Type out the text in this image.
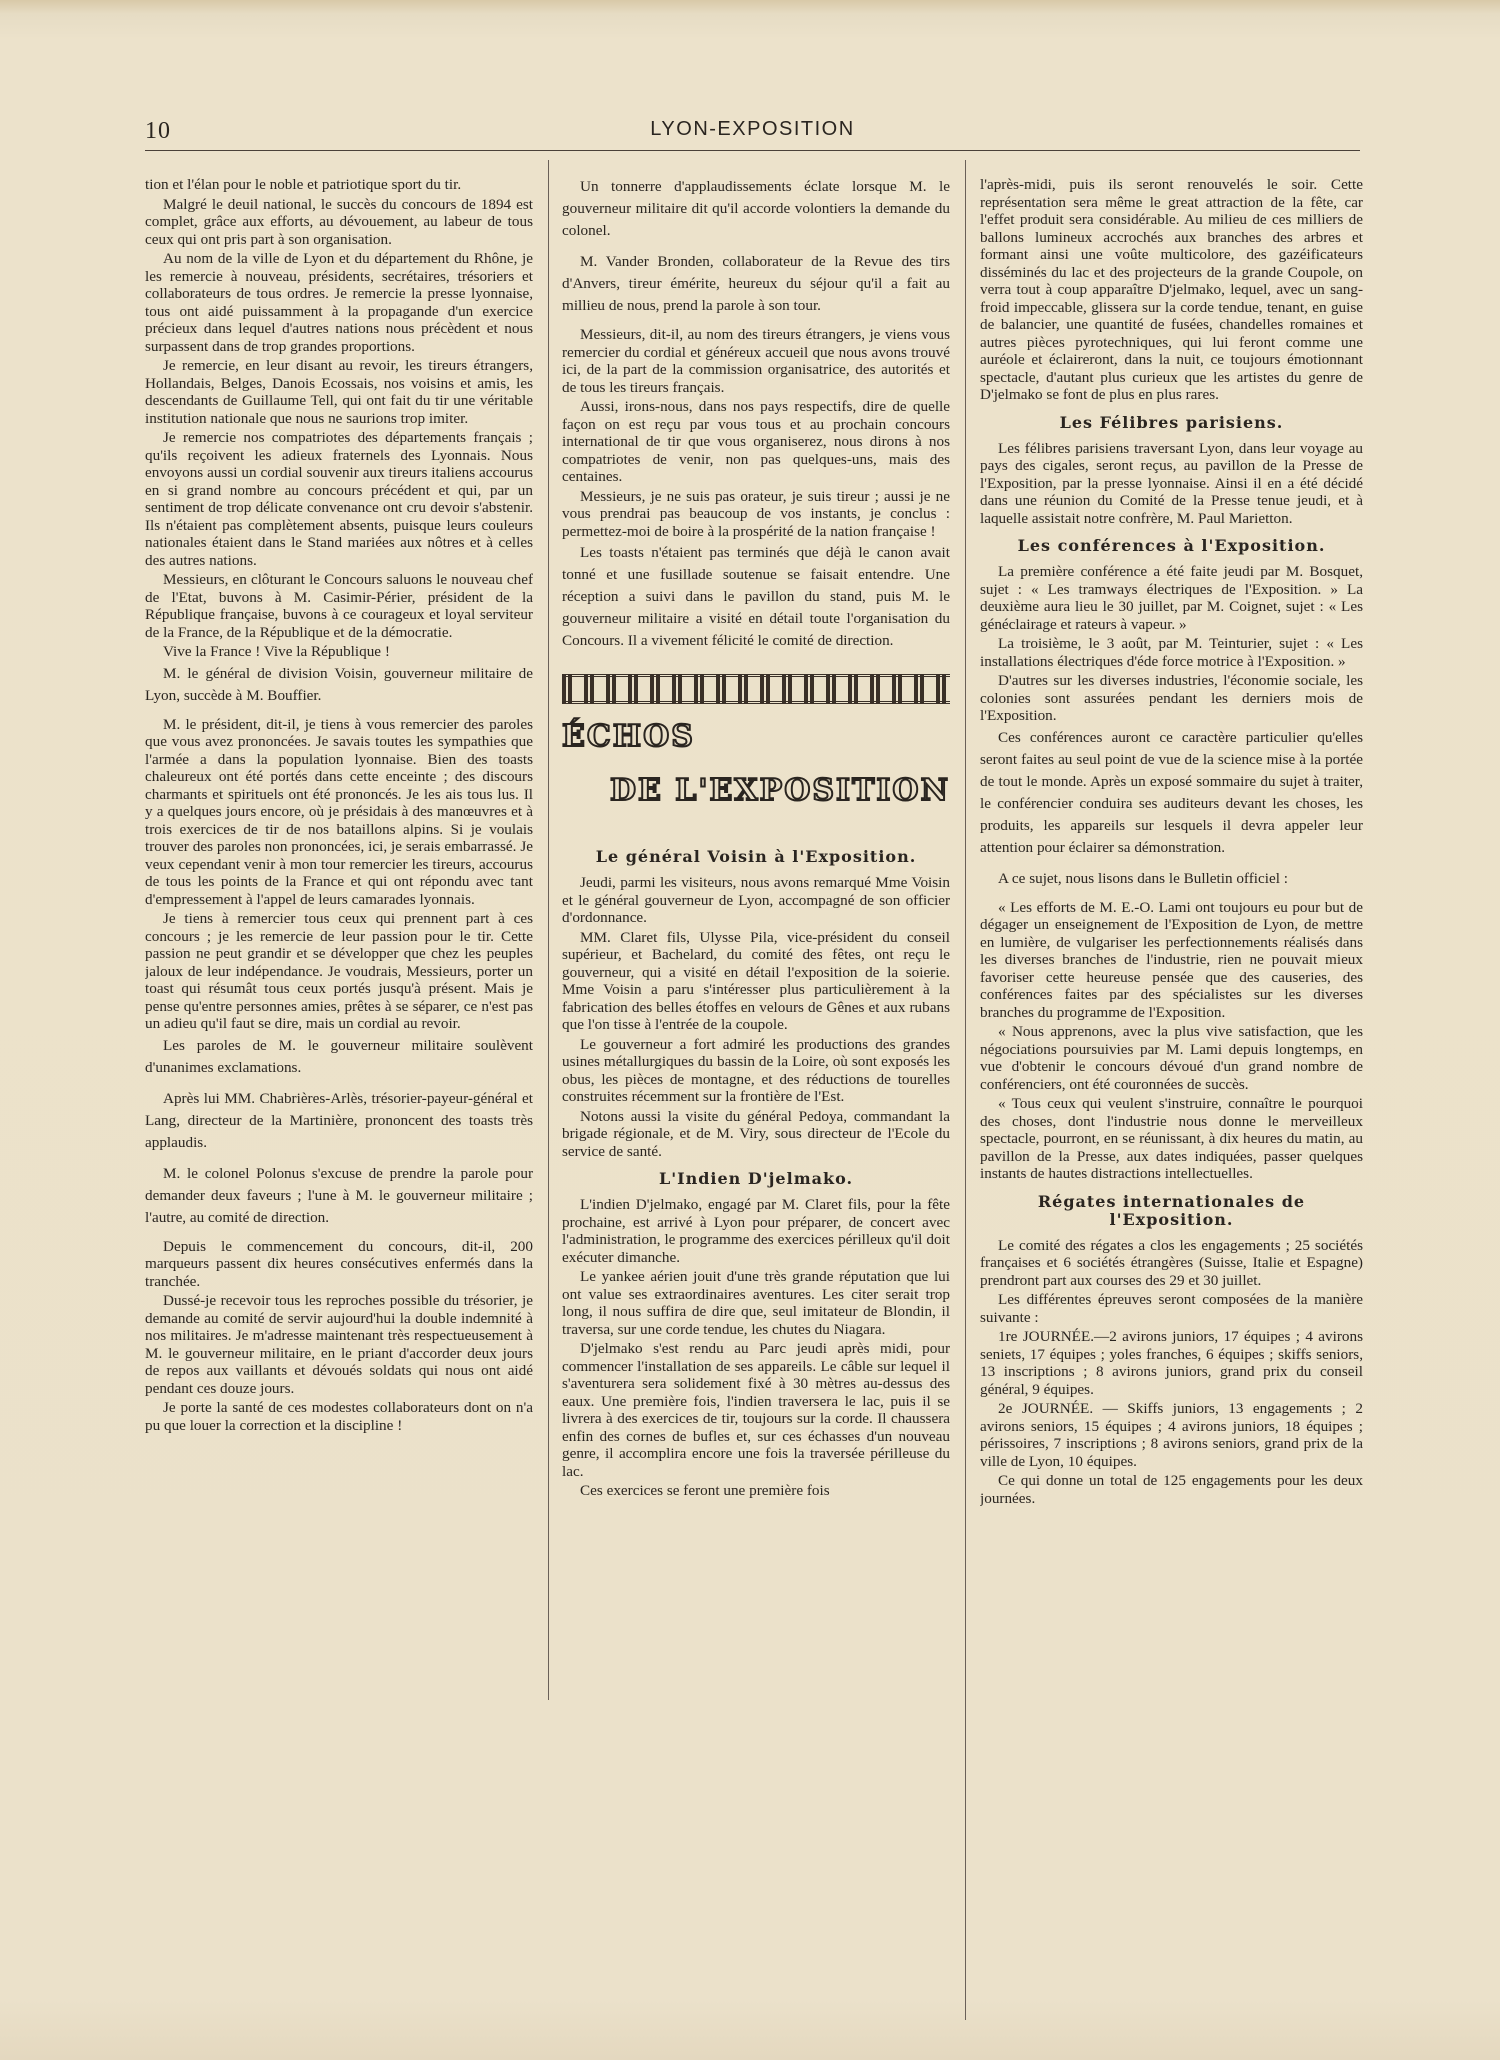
10	LYON-EXPOSITION

tion et l'élan pour le noble et patriotique sport du tir.

Malgré le deuil national, le succès du concours de 1894 est complet, grâce aux efforts, au dévouement, au labeur de tous ceux qui ont pris part à son organisation.

Au nom de la ville de Lyon et du département du Rhône, je les remercie à nouveau, présidents, secrétaires, trésoriers et collaborateurs de tous ordres. Je remercie la presse lyonnaise, tous ont aidé puissamment à la propagande d'un exercice précieux dans lequel d'autres nations nous précèdent et nous surpassent dans de trop grandes proportions.

Je remercie, en leur disant au revoir, les tireurs étrangers, Hollandais, Belges, Danois Ecossais, nos voisins et amis, les descendants de Guillaume Tell, qui ont fait du tir une véritable institution nationale que nous ne saurions trop imiter.

Je remercie nos compatriotes des départements français ; qu'ils reçoivent les adieux fraternels des Lyonnais. Nous envoyons aussi un cordial souvenir aux tireurs italiens accourus en si grand nombre au concours précédent et qui, par un sentiment de trop délicate convenance ont cru devoir s'abstenir. Ils n'étaient pas complètement absents, puisque leurs couleurs nationales étaient dans le Stand mariées aux nôtres et à celles des autres nations.

Messieurs, en clôturant le Concours saluons le nouveau chef de l'Etat, buvons à M. Casimir-Périer, président de la République française, buvons à ce courageux et loyal serviteur de la France, de la République et de la démocratie.

Vive la France ! Vive la République !

M. le général de division Voisin, gouverneur militaire de Lyon, succède à M. Bouffier.

M. le président, dit-il, je tiens à vous remercier des paroles que vous avez prononcées. Je savais toutes les sympathies que l'armée a dans la population lyonnaise. Bien des toasts chaleureux ont été portés dans cette enceinte ; des discours charmants et spirituels ont été prononcés. Je les ais tous lus. Il y a quelques jours encore, où je présidais à des manœuvres et à trois exercices de tir de nos bataillons alpins. Si je voulais trouver des paroles non prononcées, ici, je serais embarrassé. Je veux cependant venir à mon tour remercier les tireurs, accourus de tous les points de la France et qui ont répondu avec tant d'empressement à l'appel de leurs camarades lyonnais.

Je tiens à remercier tous ceux qui prennent part à ces concours ; je les remercie de leur passion pour le tir. Cette passion ne peut grandir et se développer que chez les peuples jaloux de leur indépendance. Je voudrais, Messieurs, porter un toast qui résumât tous ceux portés jusqu'à présent. Mais je pense qu'entre personnes amies, prêtes à se séparer, ce n'est pas un adieu qu'il faut se dire, mais un cordial au revoir.

Les paroles de M. le gouverneur militaire soulèvent d'unanimes exclamations.

Après lui MM. Chabrières-Arlès, trésorier-payeur-général et Lang, directeur de la Martinière, prononcent des toasts très applaudis.

M. le colonel Polonus s'excuse de prendre la parole pour demander deux faveurs ; l'une à M. le gouverneur militaire ; l'autre, au comité de direction.

Depuis le commencement du concours, dit-il, 200 marqueurs passent dix heures consécutives enfermés dans la tranchée.

Dussé-je recevoir tous les reproches possible du trésorier, je demande au comité de servir aujourd'hui la double indemnité à nos militaires. Je m'adresse maintenant très respectueusement à M. le gouverneur militaire, en le priant d'accorder deux jours de repos aux vaillants et dévoués soldats qui nous ont aidé pendant ces douze jours.

Je porte la santé de ces modestes collaborateurs dont on n'a pu que louer la correction et la discipline !

Un tonnerre d'applaudissements éclate lorsque M. le gouverneur militaire dit qu'il accorde volontiers la demande du colonel.

M. Vander Bronden, collaborateur de la Revue des tirs d'Anvers, tireur émérite, heureux du séjour qu'il a fait au millieu de nous, prend la parole à son tour.

Messieurs, dit-il, au nom des tireurs étrangers, je viens vous remercier du cordial et généreux accueil que nous avons trouvé ici, de la part de la commission organisatrice, des autorités et de tous les tireurs français.

Aussi, irons-nous, dans nos pays respectifs, dire de quelle façon on est reçu par vous tous et au prochain concours international de tir que vous organiserez, nous dirons à nos compatriotes de venir, non pas quelques-uns, mais des centaines.

Messieurs, je ne suis pas orateur, je suis tireur ; aussi je ne vous prendrai pas beaucoup de vos instants, je conclus : permettez-moi de boire à la prospérité de la nation française !

Les toasts n'étaient pas terminés que déjà le canon avait tonné et une fusillade soutenue se faisait entendre. Une réception a suivi dans le pavillon du stand, puis M. le gouverneur militaire a visité en détail toute l'organisation du Concours. Il a vivement félicité le comité de direction.

ÉCHOS
DE L'EXPOSITION
Le général Voisin à l'Exposition.

Jeudi, parmi les visiteurs, nous avons remarqué Mme Voisin et le général gouverneur de Lyon, accompagné de son officier d'ordonnance.

MM. Claret fils, Ulysse Pila, vice-président du conseil supérieur, et Bachelard, du comité des fêtes, ont reçu le gouverneur, qui a visité en détail l'exposition de la soierie. Mme Voisin a paru s'intéresser plus particulièrement à la fabrication des belles étoffes en velours de Gênes et aux rubans que l'on tisse à l'entrée de la coupole.

Le gouverneur a fort admiré les productions des grandes usines métallurgiques du bassin de la Loire, où sont exposés les obus, les pièces de montagne, et des réductions de tourelles construites récemment sur la frontière de l'Est.

Notons aussi la visite du général Pedoya, commandant la brigade régionale, et de M. Viry, sous directeur de l'Ecole du service de santé.

L'Indien D'jelmako.

L'indien D'jelmako, engagé par M. Claret fils, pour la fête prochaine, est arrivé à Lyon pour préparer, de concert avec l'administration, le programme des exercices périlleux qu'il doit exécuter dimanche.

Le yankee aérien jouit d'une très grande réputation que lui ont value ses extraordinaires aventures. Les citer serait trop long, il nous suffira de dire que, seul imitateur de Blondin, il traversa, sur une corde tendue, les chutes du Niagara.

D'jelmako s'est rendu au Parc jeudi après midi, pour commencer l'installation de ses appareils. Le câble sur lequel il s'aventurera sera solidement fixé à 30 mètres au-dessus des eaux. Une première fois, l'indien traversera le lac, puis il se livrera à des exercices de tir, toujours sur la corde. Il chaussera enfin des cornes de bufles et, sur ces échasses d'un nouveau genre, il accomplira encore une fois la traversée périlleuse du lac.

Ces exercices se feront une première fois

l'après-midi, puis ils seront renouvelés le soir. Cette représentation sera même le great attraction de la fête, car l'effet produit sera considérable. Au milieu de ces milliers de ballons lumineux accrochés aux branches des arbres et formant ainsi une voûte multicolore, des gazéificateurs disséminés du lac et des projecteurs de la grande Coupole, on verra tout à coup apparaître D'jelmako, lequel, avec un sang-froid impeccable, glissera sur la corde tendue, tenant, en guise de balancier, une quantité de fusées, chandelles romaines et autres pièces pyrotechniques, qui lui feront comme une auréole et éclaireront, dans la nuit, ce toujours émotionnant spectacle, d'autant plus curieux que les artistes du genre de D'jelmako se font de plus en plus rares.

Les Félibres parisiens.

Les félibres parisiens traversant Lyon, dans leur voyage au pays des cigales, seront reçus, au pavillon de la Presse de l'Exposition, par la presse lyonnaise. Ainsi il en a été décidé dans une réunion du Comité de la Presse tenue jeudi, et à laquelle assistait notre confrère, M. Paul Marietton.

Les conférences à l'Exposition.

La première conférence a été faite jeudi par M. Bosquet, sujet : « Les tramways électriques de l'Exposition. » La deuxième aura lieu le 30 juillet, par M. Coignet, sujet : « Les généclairage et rateurs à vapeur. »

La troisième, le 3 août, par M. Teinturier, sujet : « Les installations électriques d'éde force motrice à l'Exposition. »

D'autres sur les diverses industries, l'économie sociale, les colonies sont assurées pendant les derniers mois de l'Exposition.

Ces conférences auront ce caractère particulier qu'elles seront faites au seul point de vue de la science mise à la portée de tout le monde. Après un exposé sommaire du sujet à traiter, le conférencier conduira ses auditeurs devant les choses, les produits, les appareils sur lesquels il devra appeler leur attention pour éclairer sa démonstration.

A ce sujet, nous lisons dans le Bulletin officiel :

« Les efforts de M. E.-O. Lami ont toujours eu pour but de dégager un enseignement de l'Exposition de Lyon, de mettre en lumière, de vulgariser les perfectionnements réalisés dans les diverses branches de l'industrie, rien ne pouvait mieux favoriser cette heureuse pensée que des causeries, des conférences faites par des spécialistes sur les diverses branches du programme de l'Exposition.

« Nous apprenons, avec la plus vive satisfaction, que les négociations poursuivies par M. Lami depuis longtemps, en vue d'obtenir le concours dévoué d'un grand nombre de conférenciers, ont été couronnées de succès.

« Tous ceux qui veulent s'instruire, connaître le pourquoi des choses, dont l'industrie nous donne le merveilleux spectacle, pourront, en se réunissant, à dix heures du matin, au pavillon de la Presse, aux dates indiquées, passer quelques instants de hautes distractions intellectuelles.

Régates internationales de l'Exposition.

Le comité des régates a clos les engagements ; 25 sociétés françaises et 6 sociétés étrangères (Suisse, Italie et Espagne) prendront part aux courses des 29 et 30 juillet.

Les différentes épreuves seront composées de la manière suivante :

1re JOURNÉE.—2 avirons juniors, 17 équipes ; 4 avirons seniets, 17 équipes ; yoles franches, 6 équipes ; skiffs seniors, 13 inscriptions ; 8 avirons juniors, grand prix du conseil général, 9 équipes.

2e JOURNÉE. — Skiffs juniors, 13 engagements ; 2 avirons seniors, 15 équipes ; 4 avirons juniors, 18 équipes ; périssoires, 7 inscriptions ; 8 avirons seniors, grand prix de la ville de Lyon, 10 équipes.

Ce qui donne un total de 125 engagements pour les deux journées.
